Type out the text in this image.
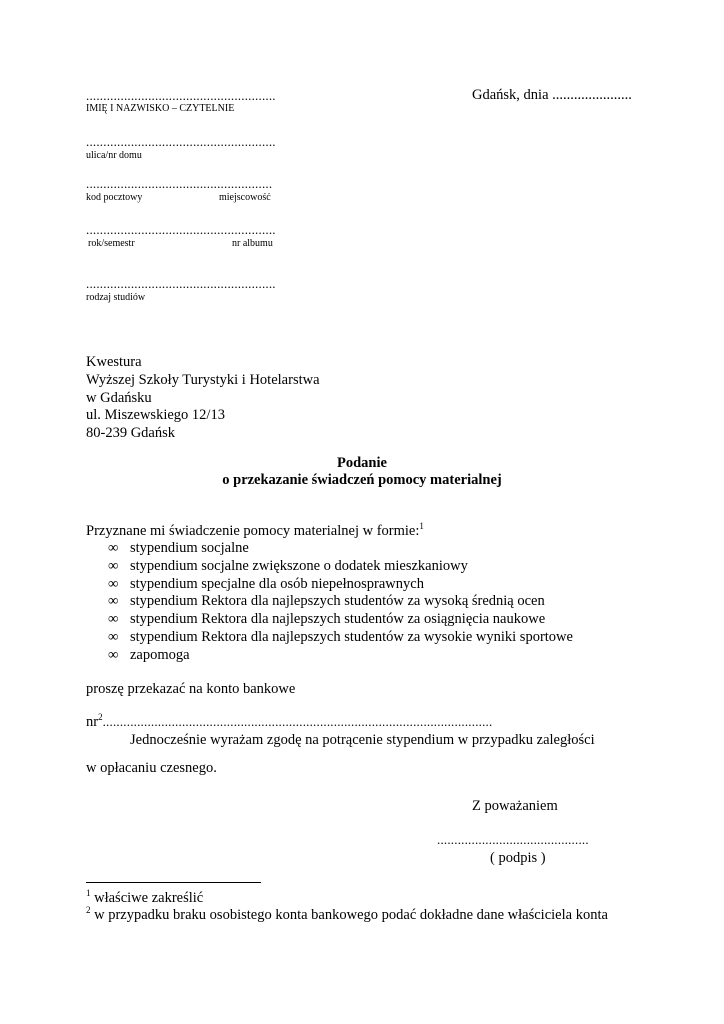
Gdańsk, dnia ......................
.......................................................
IMIĘ I NAZWISKO – CZYTELNIE
.......................................................
ulica/nr domu
......................................................
kod pocztowy	miejscowość
.......................................................
rok/semestr	nr albumu
.......................................................
rodzaj studiów
Kwestura
Wyższej Szkoły Turystyki i Hotelarstwa
w Gdańsku
ul. Miszewskiego 12/13
80-239 Gdańsk
Podanie
o przekazanie świadczeń pomocy materialnej
Przyznane mi świadczenie pomocy materialnej w formie:$^1$
∞ stypendium socjalne
∞ stypendium socjalne zwiększone o dodatek mieszkaniowy
∞ stypendium specjalne dla osób niepełnosprawnych
∞ stypendium Rektora dla najlepszych studentów za wysoką średnią ocen
∞ stypendium Rektora dla najlepszych studentów za osiągnięcia naukowe
∞ stypendium Rektora dla najlepszych studentów za wysokie wyniki sportowe
∞ zapomoga
proszę przekazać na konto bankowe
$nr^2$.................................................................................................................
Jednocześnie wyrażam zgodę na potrącenie stypendium w przypadku zaległości
w opłacaniu czesnego.
Z poważaniem
............................................
( podpis )
$^1$ właściwe zakreślić
$^2$ w przypadku braku osobistego konta bankowego podać dokładne dane właściciela konta
